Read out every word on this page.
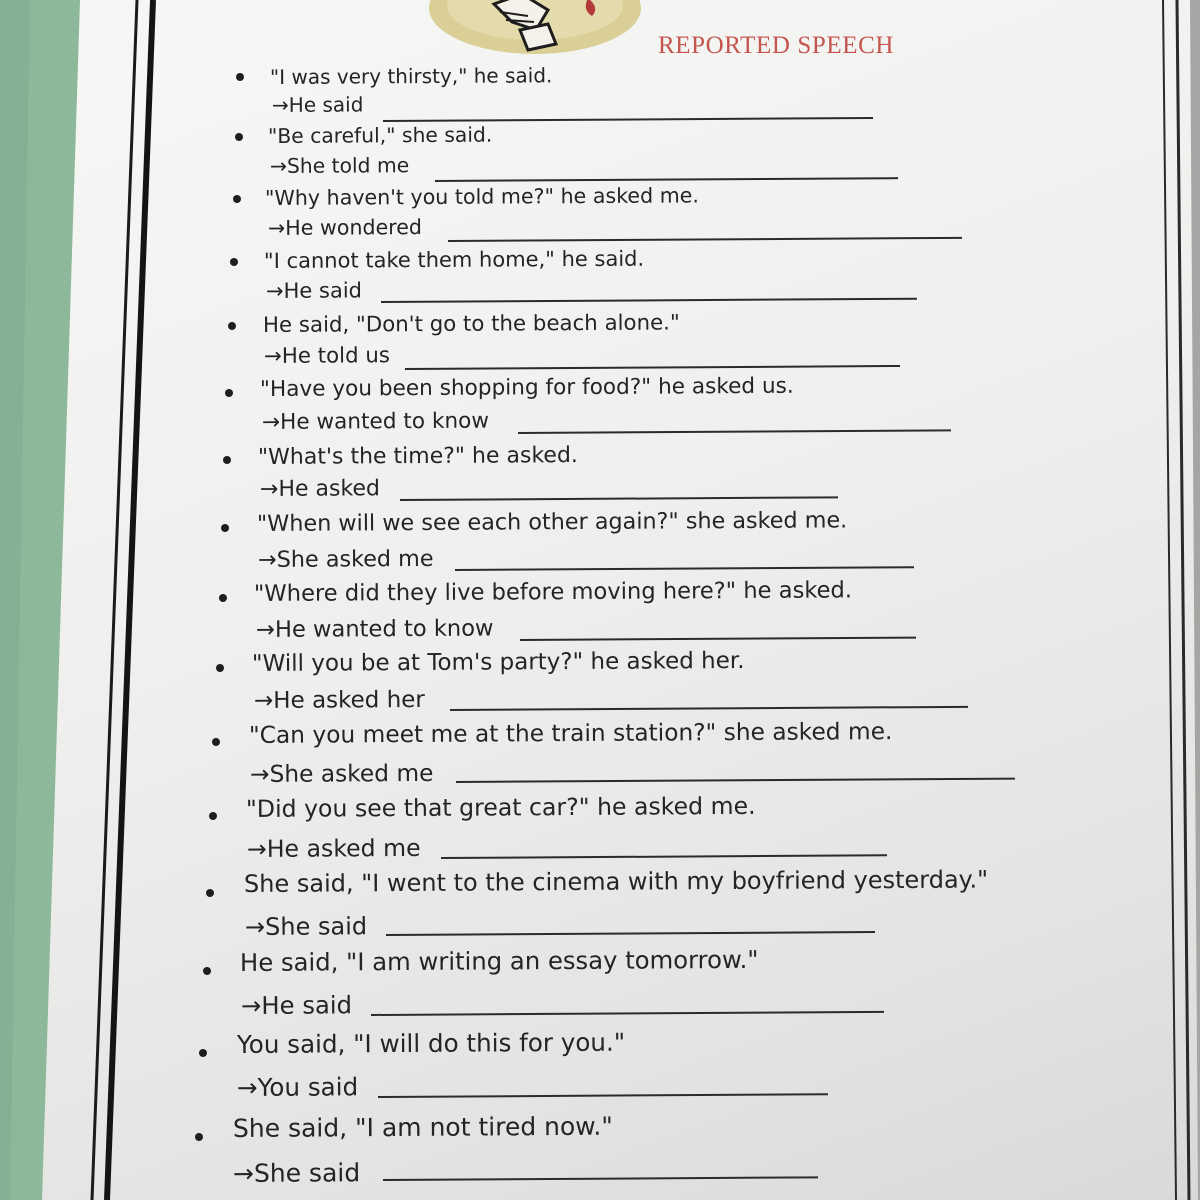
REPORTED SPEECH
"I was very thirsty," he said.
→He said
"Be careful," she said.
→She told me
"Why haven't you told me?" he asked me.
→He wondered
"I cannot take them home," he said.
→He said
He said, "Don't go to the beach alone."
→He told us
"Have you been shopping for food?" he asked us.
→He wanted to know
"What's the time?" he asked.
→He asked
"When will we see each other again?" she asked me.
→She asked me
"Where did they live before moving here?" he asked.
→He wanted to know
"Will you be at Tom's party?" he asked her.
→He asked her
"Can you meet me at the train station?" she asked me.
→She asked me
"Did you see that great car?" he asked me.
→He asked me
She said, "I went to the cinema with my boyfriend yesterday."
→She said
He said, "I am writing an essay tomorrow."
→He said
You said, "I will do this for you."
→You said
She said, "I am not tired now."
→She said
